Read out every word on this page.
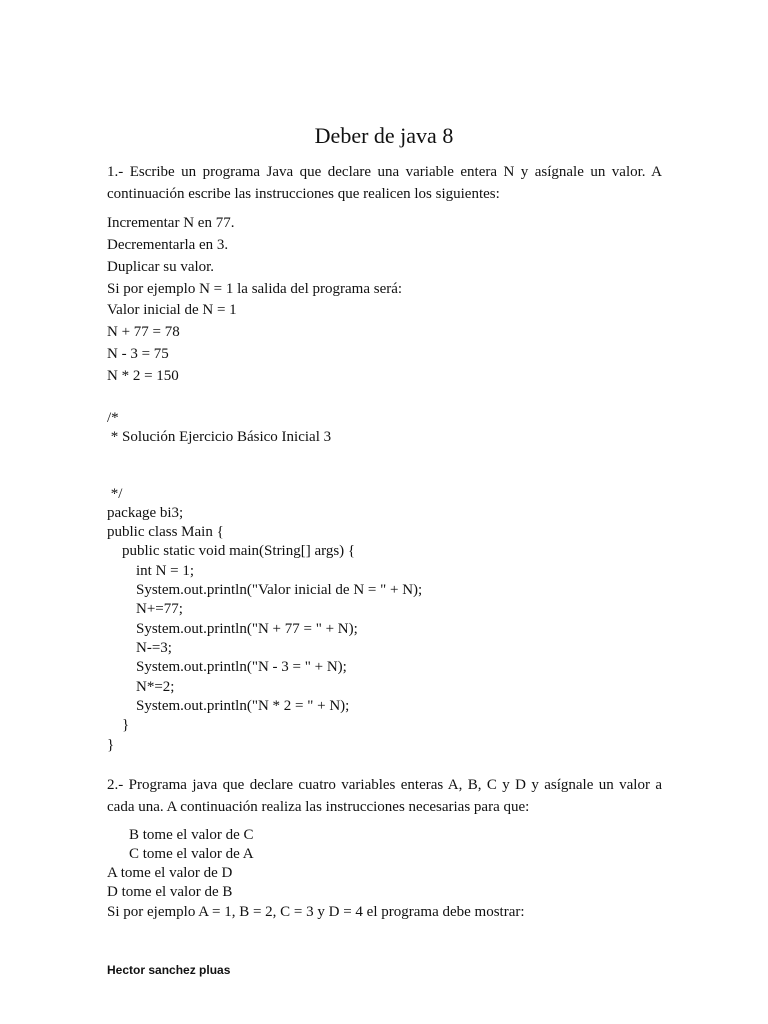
Deber de java 8
1.- Escribe un programa Java que declare una variable entera N y asígnale un valor. A continuación escribe las instrucciones que realicen los siguientes:
Incrementar N en 77.
Decrementarla en 3.
Duplicar su valor.
Si por ejemplo N = 1 la salida del programa será:
Valor inicial de N = 1
N + 77 = 78
N - 3 = 75
N * 2 = 150
/*
* Solución Ejercicio Básico Inicial 3
*/
package bi3;
public class Main {
public static void main(String[] args) {
int N = 1;
System.out.println("Valor inicial de N = " + N);
N+=77;
System.out.println("N + 77 = " + N);
N-=3;
System.out.println("N - 3 = " + N);
N*=2;
System.out.println("N * 2 = " + N);
}
}
2.- Programa java que declare cuatro variables enteras A, B, C y D y asígnale un valor a cada una. A continuación realiza las instrucciones necesarias para que:
B tome el valor de C
C tome el valor de A
A tome el valor de D
D tome el valor de B
Si por ejemplo A = 1, B = 2, C = 3 y D = 4 el programa debe mostrar:
Hector sanchez pluas
